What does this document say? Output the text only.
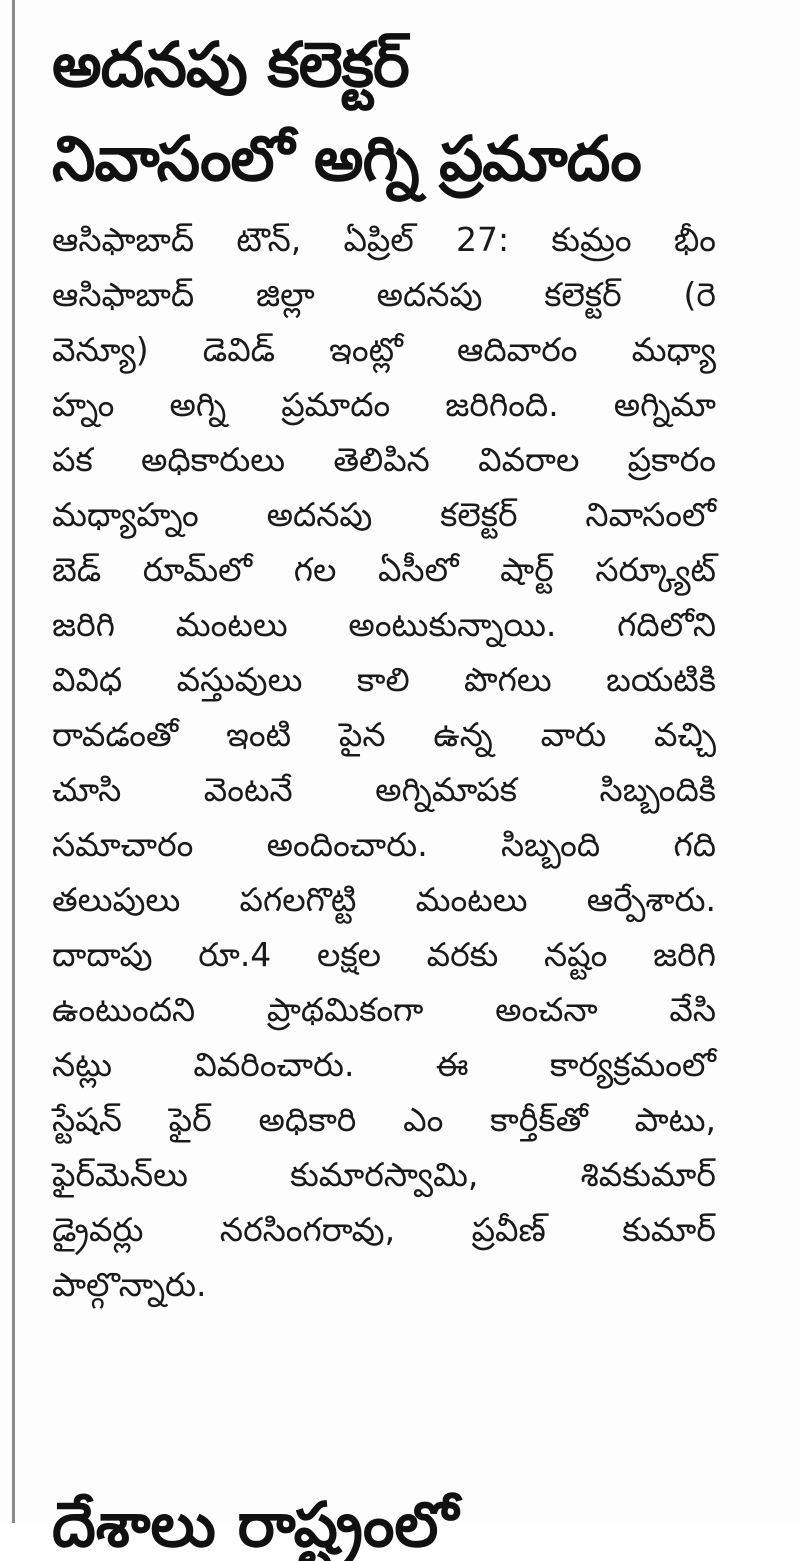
అదనపు కలెక్టర్
నివాసంలో అగ్ని ప్రమాదం
ఆసిఫాబాద్ టౌన్, ఏప్రిల్ 27: కుమ్రం భీం
ఆసిఫాబాద్ జిల్లా అదనపు కలెక్టర్ (రె
వెన్యూ) డెవిడ్ ఇంట్లో ఆదివారం మధ్యా
హ్నం అగ్ని ప్రమాదం జరిగింది. అగ్నిమా
పక అధికారులు తెలిపిన వివరాల ప్రకారం
మధ్యాహ్నం అదనపు కలెక్టర్ నివాసంలో
బెడ్ రూమ్‌లో గల ఏసీలో షార్ట్ సర్క్యూట్
జరిగి మంటలు అంటుకున్నాయి. గదిలోని
వివిధ వస్తువులు కాలి పొగలు బయటికి
రావడంతో ఇంటి పైన ఉన్న వారు వచ్చి
చూసి వెంటనే అగ్నిమాపక సిబ్బందికి
సమాచారం అందించారు. సిబ్బంది గది
తలుపులు పగలగొట్టి మంటలు ఆర్పేశారు.
దాదాపు రూ.4 లక్షల వరకు నష్టం జరిగి
ఉంటుందని ప్రాథమికంగా అంచనా వేసి
నట్లు వివరించారు. ఈ కార్యక్రమంలో
స్టేషన్ ఫైర్ అధికారి ఎం కార్తీక్‌తో పాటు,
ఫైర్‌మెన్‌లు కుమారస్వామి, శివకుమార్
డ్రైవర్లు నరసింగరావు, ప్రవీణ్ కుమార్
పాల్గొన్నారు.
దేశాలు రాష్ట్రంలో
